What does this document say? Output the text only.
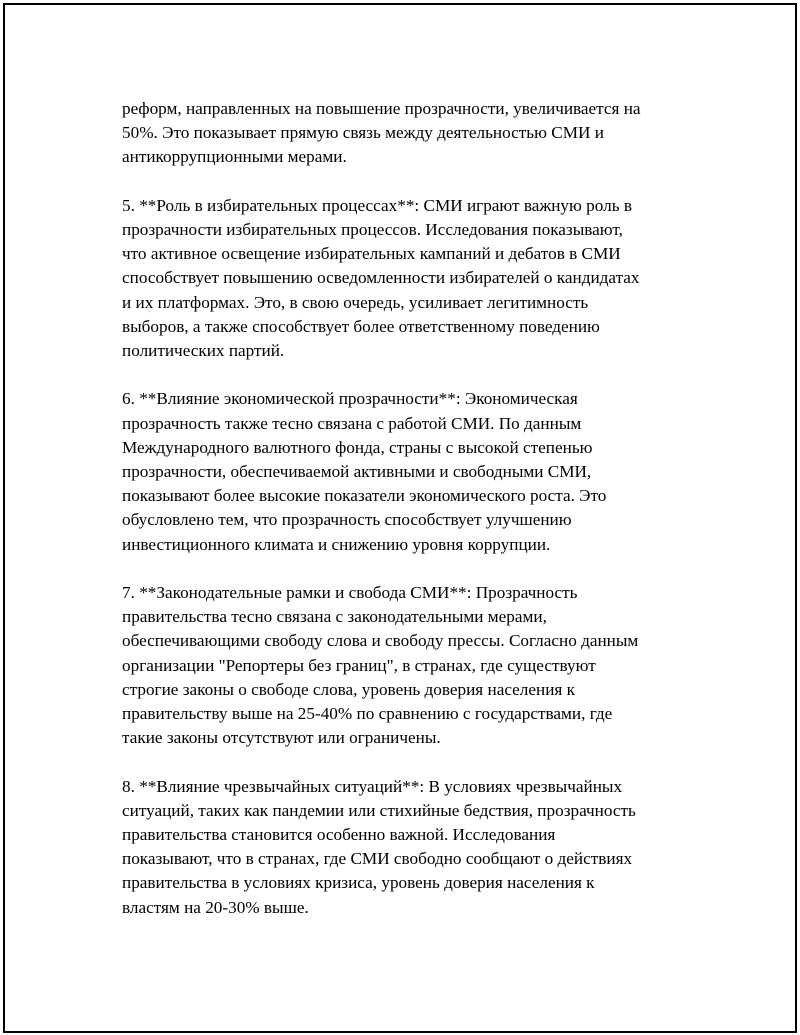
реформ, направленных на повышение прозрачности, увеличивается на
50%. Это показывает прямую связь между деятельностью СМИ и
антикоррупционными мерами.

5. **Роль в избирательных процессах**: СМИ играют важную роль в
прозрачности избирательных процессов. Исследования показывают,
что активное освещение избирательных кампаний и дебатов в СМИ
способствует повышению осведомленности избирателей о кандидатах
и их платформах. Это, в свою очередь, усиливает легитимность
выборов, а также способствует более ответственному поведению
политических партий.

6. **Влияние экономической прозрачности**: Экономическая
прозрачность также тесно связана с работой СМИ. По данным
Международного валютного фонда, страны с высокой степенью
прозрачности, обеспечиваемой активными и свободными СМИ,
показывают более высокие показатели экономического роста. Это
обусловлено тем, что прозрачность способствует улучшению
инвестиционного климата и снижению уровня коррупции.

7. **Законодательные рамки и свобода СМИ**: Прозрачность
правительства тесно связана с законодательными мерами,
обеспечивающими свободу слова и свободу прессы. Согласно данным
организации "Репортеры без границ", в странах, где существуют
строгие законы о свободе слова, уровень доверия населения к
правительству выше на 25-40% по сравнению с государствами, где
такие законы отсутствуют или ограничены.

8. **Влияние чрезвычайных ситуаций**: В условиях чрезвычайных
ситуаций, таких как пандемии или стихийные бедствия, прозрачность
правительства становится особенно важной. Исследования
показывают, что в странах, где СМИ свободно сообщают о действиях
правительства в условиях кризиса, уровень доверия населения к
властям на 20-30% выше.
